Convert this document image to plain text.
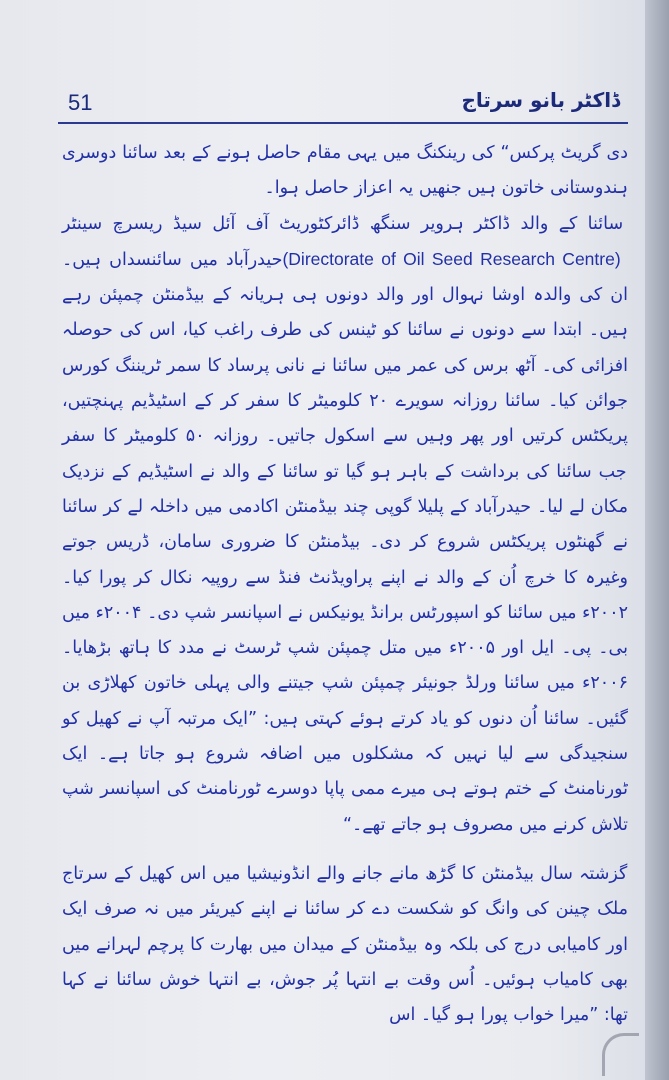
51	ڈاکٹر بانو سرتاج

دی گریٹ پرکس“ کی رینکنگ میں یہی مقام حاصل ہونے کے بعد سائنا دوسری ہندوستانی خاتون ہیں جنھیں یہ اعزاز حاصل ہوا۔

سائنا کے والد ڈاکٹر ہرویر سنگھ ڈائرکٹوریٹ آف آئل سیڈ ریسرچ سینٹر (Directorate of Oil Seed Research Centre) حیدرآباد میں سائنسداں ہیں۔ ان کی والدہ اوشا نہوال اور والد دونوں ہی ہریانہ کے بیڈمنٹن چمپئن رہے ہیں۔ ابتدا سے دونوں نے سائنا کو ٹینس کی طرف راغب کیا، اس کی حوصلہ افزائی کی۔ آٹھ برس کی عمر میں سائنا نے نانی پرساد کا سمر ٹریننگ کورس جوائن کیا۔ سائنا روزانہ سویرے ۲۰ کلومیٹر کا سفر کر کے اسٹیڈیم پہنچتیں، پریکٹس کرتیں اور پھر وہیں سے اسکول جاتیں۔ روزانہ ۵۰ کلومیٹر کا سفر جب سائنا کی برداشت کے باہر ہو گیا تو سائنا کے والد نے اسٹیڈیم کے نزدیک مکان لے لیا۔ حیدرآباد کے پلیلا گوپی چند بیڈمنٹن اکادمی میں داخلہ لے کر سائنا نے گھنٹوں پریکٹس شروع کر دی۔ بیڈمنٹن کا ضروری سامان، ڈریس جوتے وغیرہ کا خرچ اُن کے والد نے اپنے پراویڈنٹ فنڈ سے روپیہ نکال کر پورا کیا۔ ۲۰۰۲ء میں سائنا کو اسپورٹس برانڈ یونیکس نے اسپانسر شپ دی۔ ۲۰۰۴ء میں بی۔ پی۔ ایل اور ۲۰۰۵ء میں متل چمپئن شپ ٹرسٹ نے مدد کا ہاتھ بڑھایا۔ ۲۰۰۶ء میں سائنا ورلڈ جونیئر چمپئن شپ جیتنے والی پہلی خاتون کھلاڑی بن گئیں۔ سائنا اُن دنوں کو یاد کرتے ہوئے کہتی ہیں: ”ایک مرتبہ آپ نے کھیل کو سنجیدگی سے لیا نہیں کہ مشکلوں میں اضافہ شروع ہو جاتا ہے۔ ایک ٹورنامنٹ کے ختم ہوتے ہی میرے ممی پاپا دوسرے ٹورنامنٹ کی اسپانسر شپ تلاش کرنے میں مصروف ہو جاتے تھے۔“

گزشتہ سال بیڈمنٹن کا گڑھ مانے جانے والے انڈونیشیا میں اس کھیل کے سرتاج ملک چینن کی وانگ کو شکست دے کر سائنا نے اپنے کیریئر میں نہ صرف ایک اور کامیابی درج کی بلکہ وہ بیڈمنٹن کے میدان میں بھارت کا پرچم لہرانے میں بھی کامیاب ہوئیں۔ اُس وقت بے انتہا پُر جوش، بے انتہا خوش سائنا نے کہا تھا: ”میرا خواب پورا ہو گیا۔ اس
